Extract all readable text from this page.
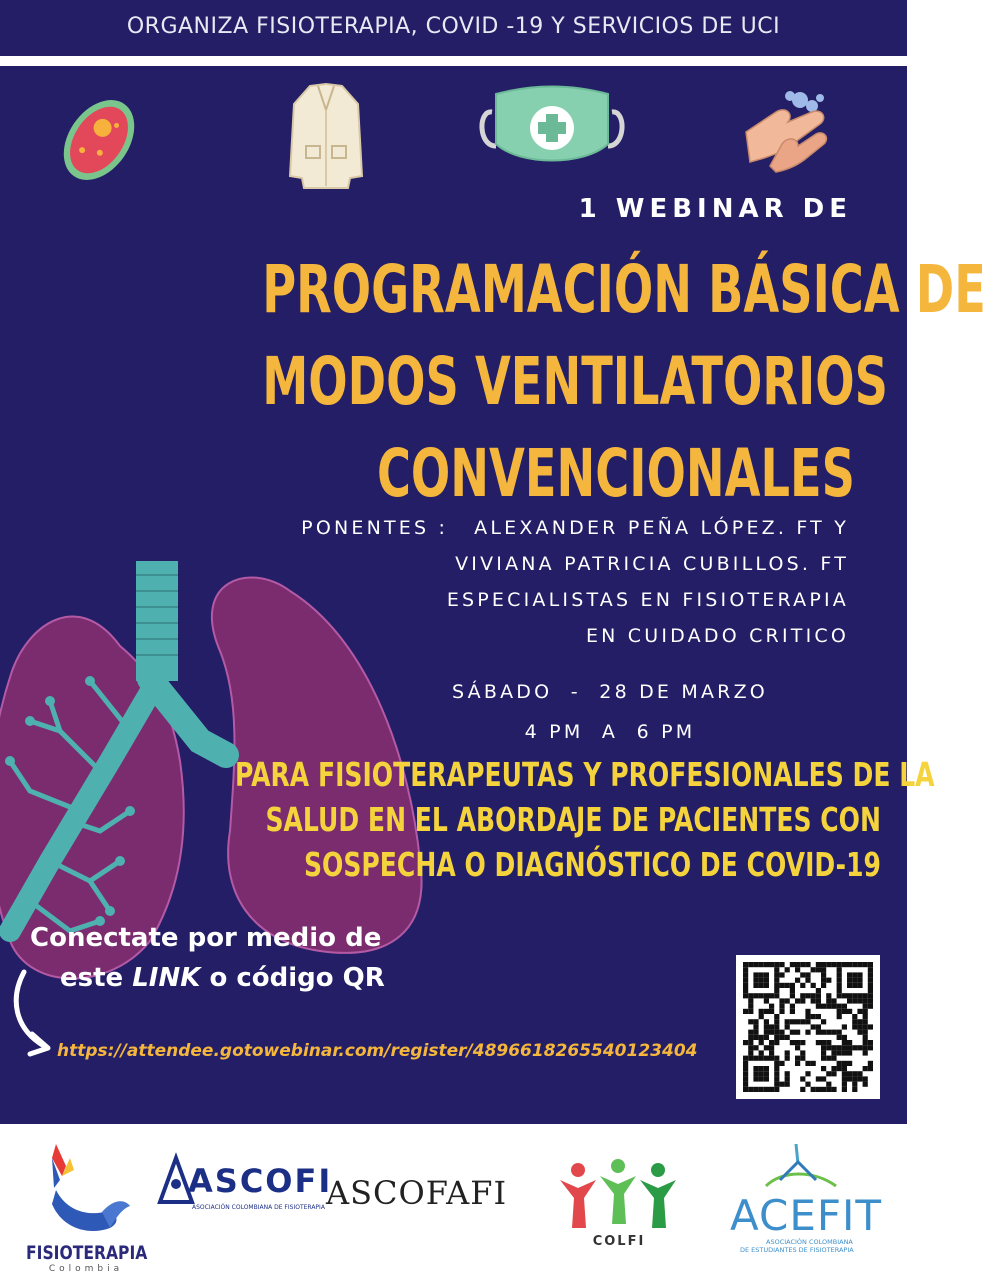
ORGANIZA FISIOTERAPIA, COVID -19 Y SERVICIOS DE UCI
1 WEBINAR DE
PROGRAMACIÓN BÁSICA DE
MODOS VENTILATORIOS
CONVENCIONALES
PONENTES : ALEXANDER PEÑA LÓPEZ. FT Y
VIVIANA PATRICIA CUBILLOS. FT
ESPECIALISTAS EN FISIOTERAPIA
EN CUIDADO CRITICO
SÁBADO  -  28 DE MARZO
4 PM  A  6 PM
PARA FISIOTERAPEUTAS Y PROFESIONALES DE LA
SALUD EN EL ABORDAJE DE PACIENTES CON
SOSPECHA O DIAGNÓSTICO DE COVID-19
Conectate por medio de
este LINK o código QR
https://attendee.gotowebinar.com/register/4896618265540123404
FISIOTERAPIA
Colombia
ASCOFI
ASOCIACIÓN COLOMBIANA DE FISIOTERAPIA ASCOFAFI
COLFI
ACEFIT
ASOCIACIÓN COLOMBIANA
DE ESTUDIANTES DE FISIOTERAPIA
